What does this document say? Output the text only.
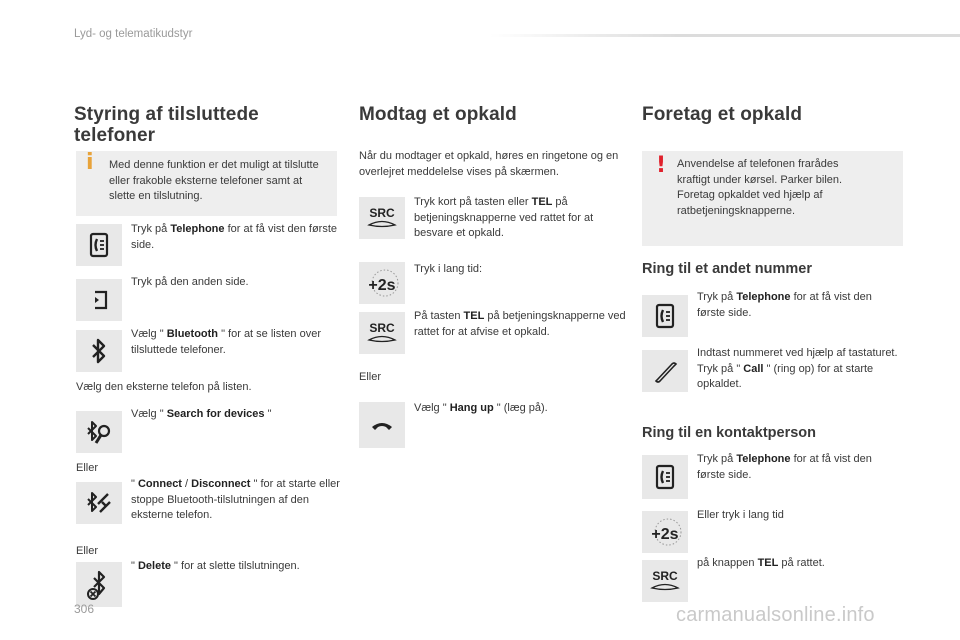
Lyd- og telematikudstyr
Styring af tilsluttede
telefoner
i Med denne funktion er det muligt at tilslutte eller frakoble eksterne telefoner samt at slette en tilslutning.
Tryk på Telephone for at få vist den første side.
Tryk på den anden side.
Vælg " Bluetooth " for at se listen over tilsluttede telefoner.
Vælg den eksterne telefon på listen.
Vælg " Search for devices "
Eller
" Connect / Disconnect " for at starte eller stoppe Bluetooth-tilslutningen af den eksterne telefon.
Eller
" Delete " for at slette tilslutningen.
Modtag et opkald
Når du modtager et opkald, høres en ringetone og en overlejret meddelelse vises på skærmen.
SRC
Tryk kort på tasten eller TEL på betjeningsknapperne ved rattet for at besvare et opkald.
+2s
Tryk i lang tid:
SRC
På tasten TEL på betjeningsknapperne ved rattet for at afvise et opkald.
Eller
Vælg " Hang up " (læg på).
Foretag et opkald
! Anvendelse af telefonen frarådes kraftigt under kørsel. Parker bilen. Foretag opkaldet ved hjælp af ratbetjeningsknapperne.
Ring til et andet nummer
Tryk på Telephone for at få vist den første side.
Indtast nummeret ved hjælp af tastaturet.
Tryk på " Call " (ring op) for at starte opkaldet.
Ring til en kontaktperson
Tryk på Telephone for at få vist den første side.
+2s
Eller tryk i lang tid
SRC
på knappen TEL på rattet.
306	carmanualsonline.info
